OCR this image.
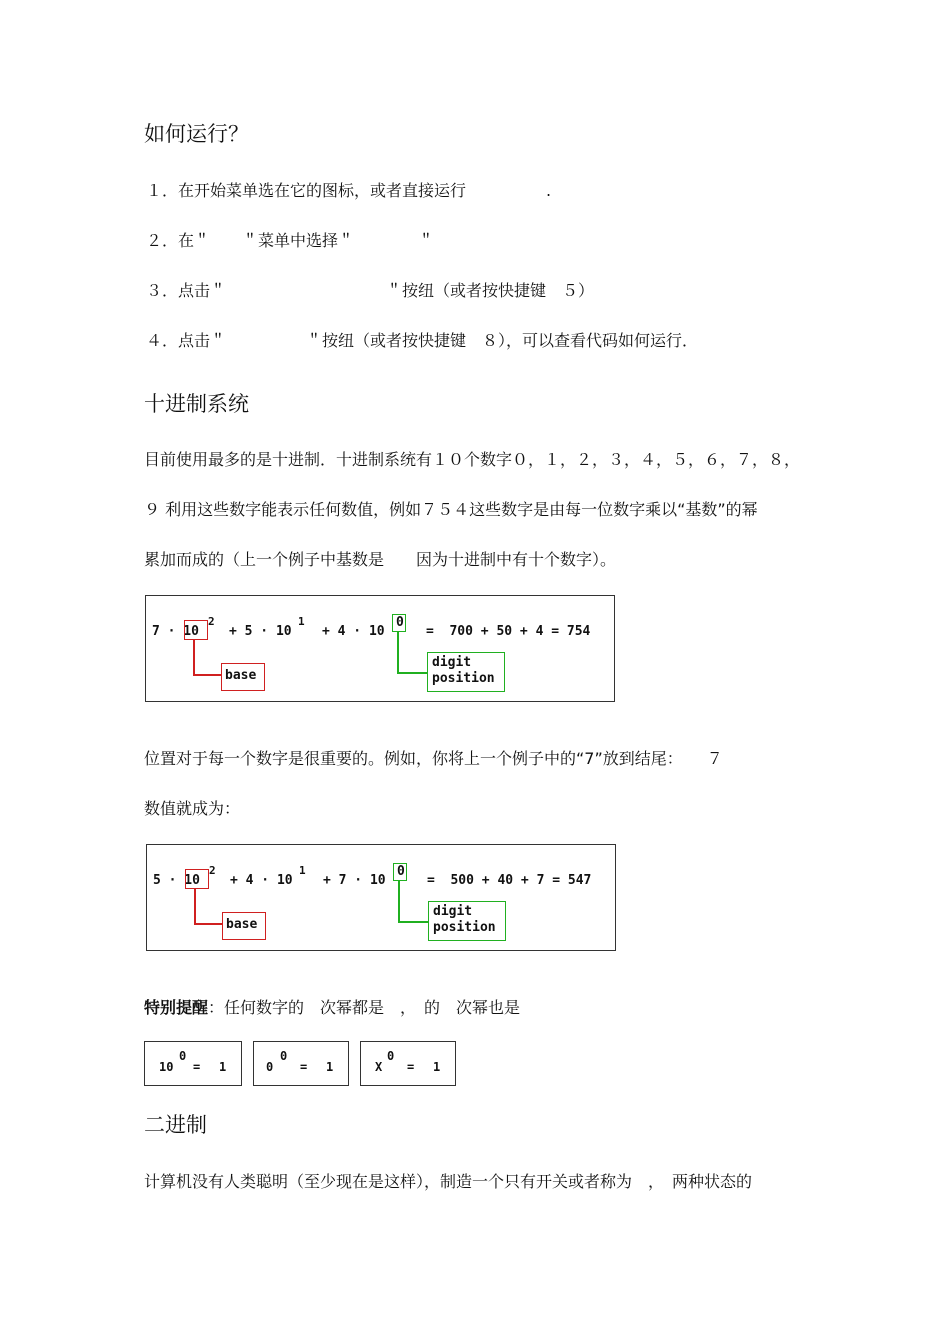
如何运行？
１．在开始菜单选在它的图标，或者直接运行　　　　　.
２．在＂　　＂菜单中选择＂　　　　＂
３．点击＂　　　　　　　　　　＂按纽（或者按快捷键　５）
４．点击＂　　　　　＂按纽（或者按快捷键　８），可以查看代码如何运行．
十进制系统
目前使用最多的是十进制．十进制系统有１０个数字０，１，２，３，４，５，６，７，８，
９ 利用这些数字能表示任何数值，例如７５４这些数字是由每一位数字乘以“基数”的幂
累加而成的（上一个例子中基数是　　因为十进制中有十个数字）。
7 · 10
2
+ 5 · 10
1
+ 4 · 10
0
=  700 + 50 + 4 = 754
base
digit
position
位置对于每一个数字是很重要的。例如，你将上一个例子中的“7”放到结尾：　　７
数值就成为：
5 · 10
2
+ 4 · 10
1
+ 7 · 10
0
=  500 + 40 + 7 = 547
base
digit
position
特别提醒：任何数字的　次幂都是　，　的　次幂也是
10
0
= 1	0
0
= 1	X
0
= 1
二进制
计算机没有人类聪明（至少现在是这样），制造一个只有开关或者称为　，　两种状态的
